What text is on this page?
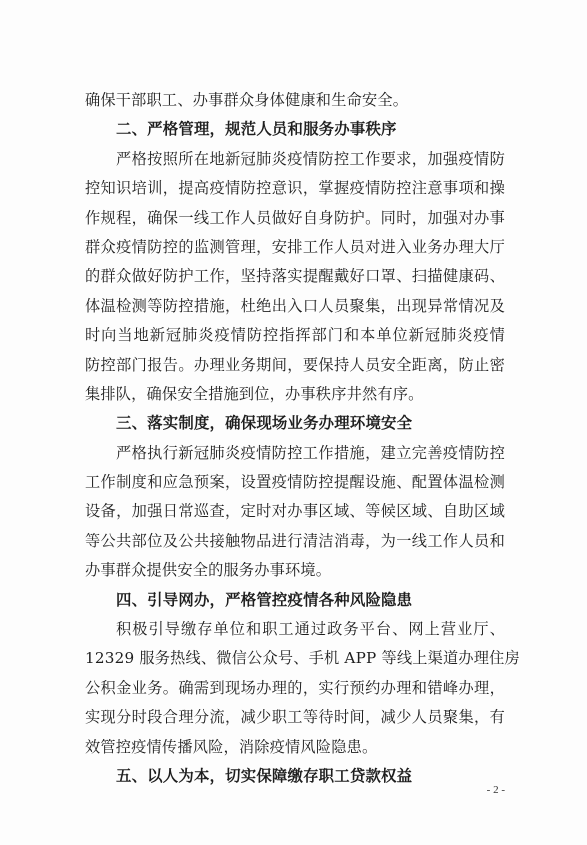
确保干部职工、办事群众身体健康和生命安全。
二、严格管理，规范人员和服务办事秩序
严格按照所在地新冠肺炎疫情防控工作要求，加强疫情防
控知识培训，提高疫情防控意识，掌握疫情防控注意事项和操
作规程，确保一线工作人员做好自身防护。同时，加强对办事
群众疫情防控的监测管理，安排工作人员对进入业务办理大厅
的群众做好防护工作，坚持落实提醒戴好口罩、扫描健康码、
体温检测等防控措施，杜绝出入口人员聚集，出现异常情况及
时向当地新冠肺炎疫情防控指挥部门和本单位新冠肺炎疫情
防控部门报告。办理业务期间，要保持人员安全距离，防止密
集排队，确保安全措施到位，办事秩序井然有序。
三、落实制度，确保现场业务办理环境安全
严格执行新冠肺炎疫情防控工作措施，建立完善疫情防控
工作制度和应急预案，设置疫情防控提醒设施、配置体温检测
设备，加强日常巡查，定时对办事区域、等候区域、自助区域
等公共部位及公共接触物品进行清洁消毒，为一线工作人员和
办事群众提供安全的服务办事环境。
四、引导网办，严格管控疫情各种风险隐患
积极引导缴存单位和职工通过政务平台、网上营业厅、
12329 服务热线、微信公众号、手机 APP 等线上渠道办理住房
公积金业务。确需到现场办理的，实行预约办理和错峰办理，
实现分时段合理分流，减少职工等待时间，减少人员聚集，有
效管控疫情传播风险，消除疫情风险隐患。
五、以人为本，切实保障缴存职工贷款权益
- 2 -
